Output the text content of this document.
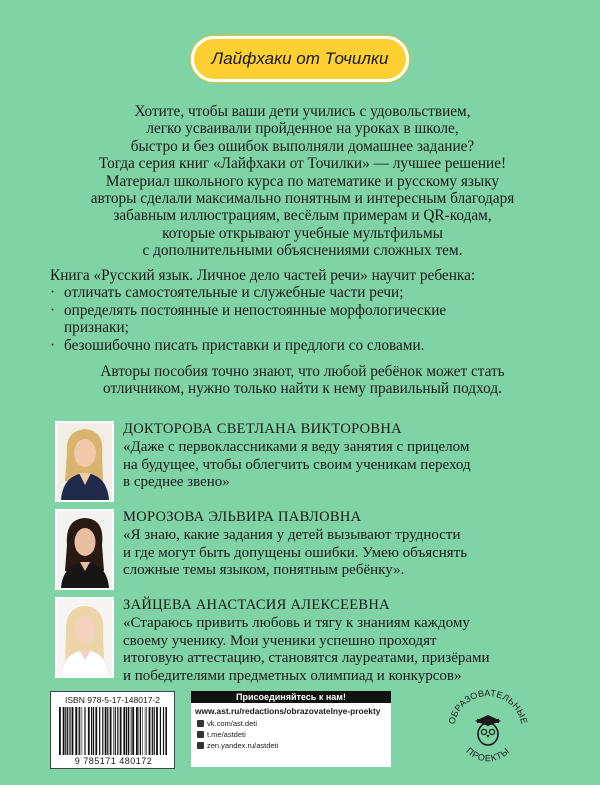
Лайфхаки от Точилки
Хотите, чтобы ваши дети учились с удовольствием,
легко усваивали пройденное на уроках в школе,
быстро и без ошибок выполняли домашнее задание?
Тогда серия книг «Лайфхаки от Точилки» — лучшее решение!
Материал школьного курса по математике и русскому языку
авторы сделали максимально понятным и интересным благодаря
забавным иллюстрациям, весёлым примерам и QR-кодам,
которые открывают учебные мультфильмы
с дополнительными объяснениями сложных тем.
Книга «Русский язык. Личное дело частей речи» научит ребенка:
· отличать самостоятельные и служебные части речи;
· определять постоянные и непостоянные морфологические
признаки;
· безошибочно писать приставки и предлоги со словами.
Авторы пособия точно знают, что любой ребёнок может стать
отличником, нужно только найти к нему правильный подход.
ДОКТОРОВА СВЕТЛАНА ВИКТОРОВНА
«Даже с первоклассниками я веду занятия с прицелом
на будущее, чтобы облегчить своим ученикам переход
в среднее звено»
МОРОЗОВА ЭЛЬВИРА ПАВЛОВНА
«Я знаю, какие задания у детей вызывают трудности
и где могут быть допущены ошибки. Умею объяснять
сложные темы языком, понятным ребёнку».
ЗАЙЦЕВА АНАСТАСИЯ АЛЕКСЕЕВНА
«Стараюсь привить любовь и тягу к знаниям каждому
своему ученику. Мои ученики успешно проходят
итоговую аттестацию, становятся лауреатами, призёрами
и победителями предметных олимпиад и конкурсов»
ISBN 978-5-17-148017-2
9 785171 480172
Присоединяйтесь к нам!
www.ast.ru/redactions/obrazovatelnye-proekty
vk.com/ast.deti
t.me/astdeti
zen.yandex.ru/astdeti
ОБРАЗОВАТЕЛЬНЫЕ
ПРОЕКТЫ
